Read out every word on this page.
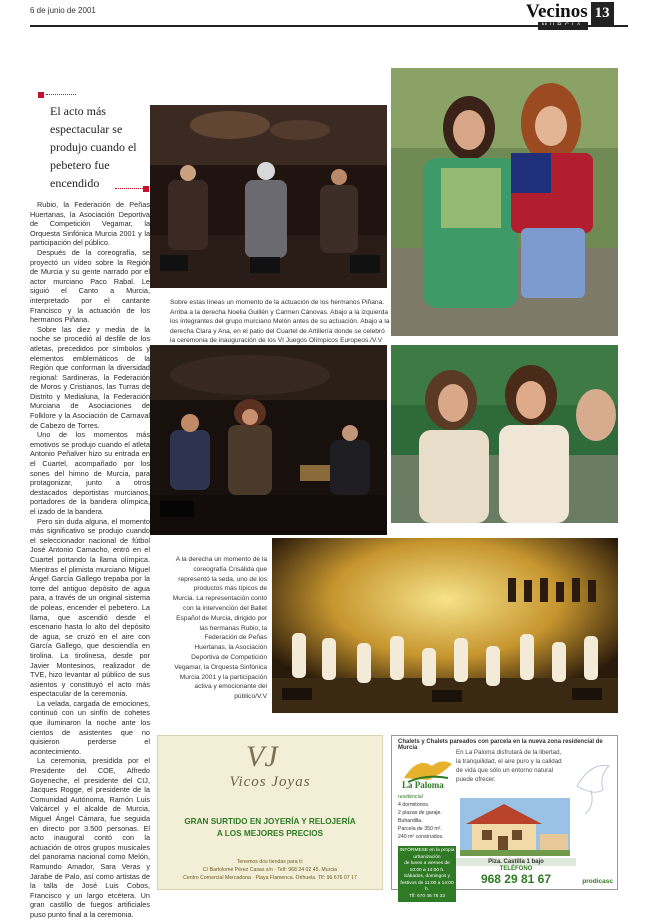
6 de junio de 2001	Vecinos
MURCIA
13
El acto más espectacular se produjo cuando el pebetero fue encendido

Rubio, la Federación de Peñas Huertanas, la Asociación Deportiva de Competición Vegamar, la Orquesta Sinfónica Murcia 2001 y la participación del público.

Después de la coreografía, se proyectó un vídeo sobre la Región de Murcia y su gente narrado por el actor murciano Paco Rabal. Le siguió el Canto a Murcia, interpretado por el cantante Francisco y la actuación de los hermanos Piñana.

Sobre las diez y media de la noche se procedió al desfile de los atletas, precedidos por símbolos y elementos emblemáticos de la Región que conforman la diversidad regional: Sardineras, la Federación de Moros y Cristianos, las Turras de Distrito y Medialuna, la Federación Murciana de Asociaciones de Folklore y la Asociación de Carnaval de Cabezo de Torres.

Uno de los momentos más emotivos se produjo cuando el atleta Antonio Peñalver hizo su entrada en el Cuartel, acompañado por los sones del himno de Murcia, para protagonizar, junto a otros destacados deportistas murcianos, portadores de la bandera olímpica, el izado de la bandera.

Pero sin duda alguna, el momento más significativo se produjo cuando el seleccionador nacional de fútbol José Antonio Camacho, entró en el Cuartel portando la llama olímpica. Mientras el plimista murciano Miguel Ángel García Gallego trepaba por la torre del antiguo depósito de agua para, a través de un original sistema de poleas, encender el pebetero. La llama, que ascendió desde el escenario hasta lo alto del depósito de agua, se cruzó en el aire con García Gallego, que desciendía en tirolina. La tirolinesa, desde por Javier Montesinos, realizador de TVE, hizo levantar al público de sus asientos y constituyó el acto más espectacular de la ceremonia.

La velada, cargada de emociones, continuó con un sinfín de cohetes que iluminaron la noche ante los cientos de asistentes que no quisieron perderse el acontecimiento.

La ceremonia, presidida por el Presidente del COE, Alfredo Goyeneche, el presidente del CIJ, Jacques Rogge, el presidente de la Comunidad Autónoma, Ramón Luis Valcárcel y el alcalde de Murcia, Miguel Ángel Cámara, fue seguida en directo por 3.500 personas. El acto inaugural contó con la actuación de otros grupos musicales del panorama nacional como Melón, Ramundo Amador, Sara Veras y Jarabe de Palo, así como artistas de la talla de José Luis Cobos, Francisco y un largo etcétera. Un gran castillo de fuegos artificiales puso punto final a la ceremonia.

Sobre estas líneas un momento de la actuación de los hermanos Piñana. Arriba a la derecha Noelia Guillén y Carmen Cánovas. Abajo a la izquierda los integrantes del grupo murciano Melón antes de su actuación. Abajo a la derecha Clara y Ana, en el patio del Cuartel de Artillería donde se celebró la ceremonia de inauguración de los VI Juegos Olímpicos Europeos./V.V
A la derecha un momento de la coreografía Crisálida que representó la seda, uno de los productos más típicos de Murcia. La representación contó con la intervención del Ballet Español de Murcia, dirigido por las hermanas Rubio, la Federación de Peñas Huertanas, la Asociación Deportiva de Competición Vegamar, la Orquesta Sinfónica Murcia 2001 y la participación activa y emocionante del público/V.V
VJ
Vicos Joyas
GRAN SURTIDO EN JOYERÍA Y RELOJERÍA
A LOS MEJORES PRECIOS
Tenemos dos tiendas para ti:
C/ Bartolomé Pérez Casas s/n · Telf: 968 24 02 45. Murcia
Centro Comercial Mercadona · Playa Flamenca. Orihuela. Tlf: 96 676 07 17
Chalets y Chalets pareados con parcela en la nueva zona residencial de Murcia
La Paloma
En La Paloma disfrutará de la libertad, la tranquilidad, el aire puro y la calidad de vida que sólo un entorno natural puede ofrecer.
residencial
4 dormitorios.
2 plazas de garaje.
Buhardilla.
Parcela de 350 m².
240 m² construidos.
INFÓRMESE en la propia urbanización
de lunes a viernes de 10:00 a 14:00 h. Sábados, domingos y festivos de 11:00 a 14:00 h.
Tlf: 670 46 78 33
Plza. Castilla 1 bajo
TELÉFONO
968 29 81 67	prodicasc
